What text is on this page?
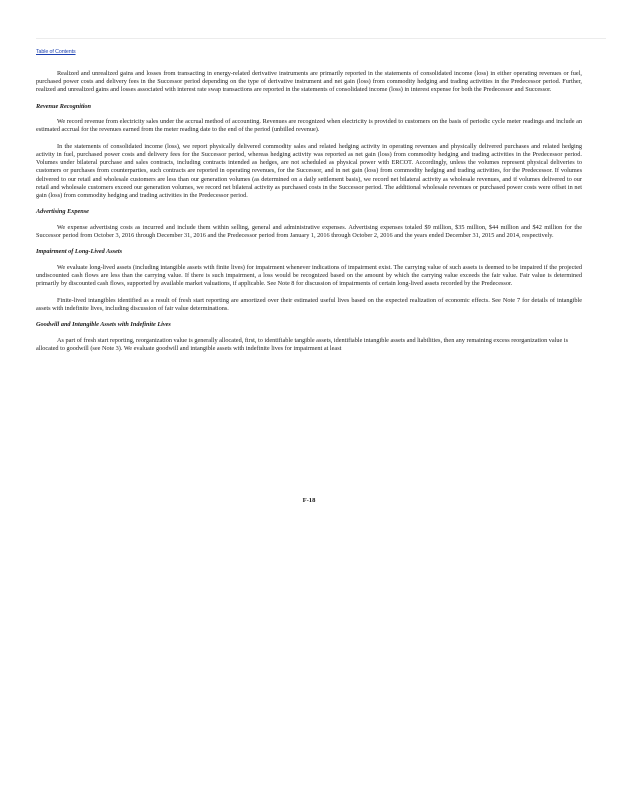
Table of Contents

Realized and unrealized gains and losses from transacting in energy-related derivative instruments are primarily reported in the statements of consolidated income (loss) in either operating revenues or fuel, purchased power costs and delivery fees in the Successor period depending on the type of derivative instrument and net gain (loss) from commodity hedging and trading activities in the Predecessor period. Further, realized and unrealized gains and losses associated with interest rate swap transactions are reported in the statements of consolidated income (loss) in interest expense for both the Predecessor and Successor.

Revenue Recognition

We record revenue from electricity sales under the accrual method of accounting. Revenues are recognized when electricity is provided to customers on the basis of periodic cycle meter readings and include an estimated accrual for the revenues earned from the meter reading date to the end of the period (unbilled revenue).

In the statements of consolidated income (loss), we report physically delivered commodity sales and related hedging activity in operating revenues and physically delivered purchases and related hedging activity in fuel, purchased power costs and delivery fees for the Successor period, whereas hedging activity was reported as net gain (loss) from commodity hedging and trading activities in the Predecessor period. Volumes under bilateral purchase and sales contracts, including contracts intended as hedges, are not scheduled as physical power with ERCOT. Accordingly, unless the volumes represent physical deliveries to customers or purchases from counterparties, such contracts are reported in operating revenues, for the Successor, and in net gain (loss) from commodity hedging and trading activities, for the Predecessor. If volumes delivered to our retail and wholesale customers are less than our generation volumes (as determined on a daily settlement basis), we record net bilateral activity as wholesale revenues, and if volumes delivered to our retail and wholesale customers exceed our generation volumes, we record net bilateral activity as purchased costs in the Successor period. The additional wholesale revenues or purchased power costs were offset in net gain (loss) from commodity hedging and trading activities in the Predecessor period.

Advertising Expense

We expense advertising costs as incurred and include them within selling, general and administrative expenses. Advertising expenses totaled $9 million, $35 million, $44 million and $42 million for the Successor period from October 3, 2016 through December 31, 2016 and the Predecessor period from January 1, 2016 through October 2, 2016 and the years ended December 31, 2015 and 2014, respectively.

Impairment of Long-Lived Assets

We evaluate long-lived assets (including intangible assets with finite lives) for impairment whenever indications of impairment exist. The carrying value of such assets is deemed to be impaired if the projected undiscounted cash flows are less than the carrying value. If there is such impairment, a loss would be recognized based on the amount by which the carrying value exceeds the fair value. Fair value is determined primarily by discounted cash flows, supported by available market valuations, if applicable. See Note 8 for discussion of impairments of certain long-lived assets recorded by the Predecessor.

Finite-lived intangibles identified as a result of fresh start reporting are amortized over their estimated useful lives based on the expected realization of economic effects. See Note 7 for details of intangible assets with indefinite lives, including discussion of fair value determinations.

Goodwill and Intangible Assets with Indefinite Lives

As part of fresh start reporting, reorganization value is generally allocated, first, to identifiable tangible assets, identifiable intangible assets and liabilities, then any remaining excess reorganization value is allocated to goodwill (see Note 3). We evaluate goodwill and intangible assets with indefinite lives for impairment at least

F-18
